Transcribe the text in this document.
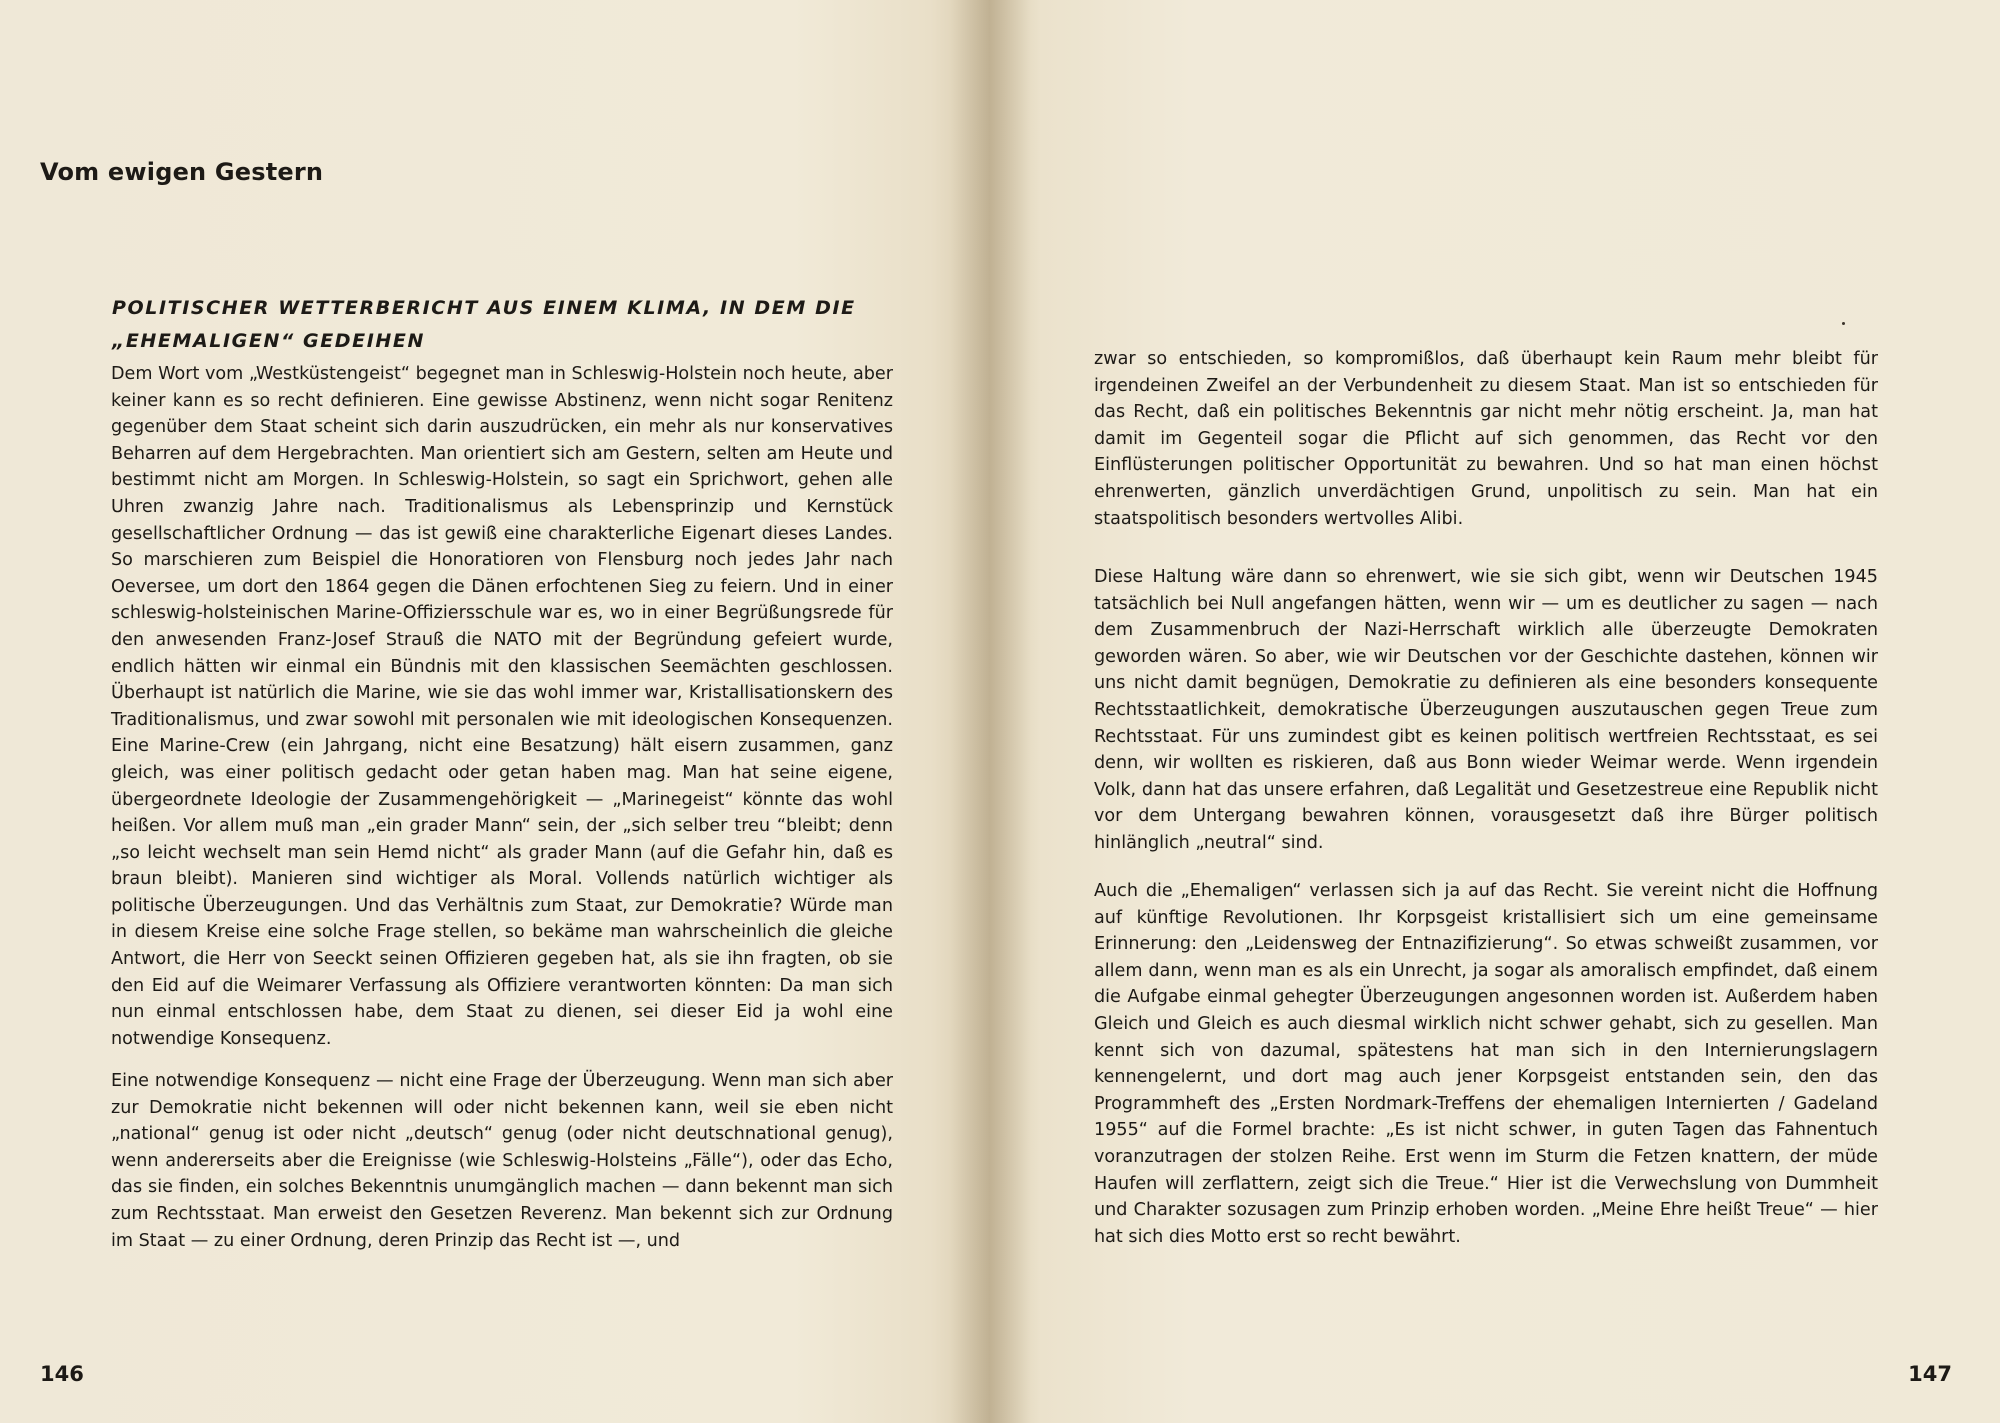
Vom ewigen Gestern
POLITISCHER WETTERBERICHT AUS EINEM KLIMA, IN DEM DIE
„EHEMALIGEN“ GEDEIHEN

Dem Wort vom „Westküstengeist“ begegnet man in Schleswig-Holstein noch heute, aber keiner kann es so recht definieren. Eine gewisse Abstinenz, wenn nicht sogar Renitenz gegenüber dem Staat scheint sich darin auszudrücken, ein mehr als nur konservatives Beharren auf dem Hergebrachten. Man orientiert sich am Gestern, selten am Heute und bestimmt nicht am Morgen. In Schleswig-Holstein, so sagt ein Sprichwort, gehen alle Uhren zwanzig Jahre nach. Traditionalismus als Lebensprinzip und Kernstück gesellschaftlicher Ordnung — das ist gewiß eine charakterliche Eigenart dieses Landes. So marschieren zum Beispiel die Honoratioren von Flensburg noch jedes Jahr nach Oeversee, um dort den 1864 gegen die Dänen erfochtenen Sieg zu feiern. Und in einer schleswig-holsteinischen Marine-Offiziersschule war es, wo in einer Begrüßungsrede für den anwesenden Franz-Josef Strauß die NATO mit der Begründung gefeiert wurde, endlich hätten wir einmal ein Bündnis mit den klassischen Seemächten geschlossen. Überhaupt ist natürlich die Marine, wie sie das wohl immer war, Kristallisationskern des Traditionalismus, und zwar sowohl mit personalen wie mit ideologischen Konsequenzen. Eine Marine-Crew (ein Jahrgang, nicht eine Besatzung) hält eisern zusammen, ganz gleich, was einer politisch gedacht oder getan haben mag. Man hat seine eigene, übergeordnete Ideologie der Zusammengehörigkeit — „Marinegeist“ könnte das wohl heißen. Vor allem muß man „ein grader Mann“ sein, der „sich selber treu “bleibt; denn „so leicht wechselt man sein Hemd nicht“ als grader Mann (auf die Gefahr hin, daß es braun bleibt). Manieren sind wichtiger als Moral. Vollends natürlich wichtiger als politische Überzeugungen. Und das Verhältnis zum Staat, zur Demokratie? Würde man in diesem Kreise eine solche Frage stellen, so bekäme man wahrscheinlich die gleiche Antwort, die Herr von Seeckt seinen Offizieren gegeben hat, als sie ihn fragten, ob sie den Eid auf die Weimarer Verfassung als Offiziere verantworten könnten: Da man sich nun einmal entschlossen habe, dem Staat zu dienen, sei dieser Eid ja wohl eine notwendige Konsequenz.

Eine notwendige Konsequenz — nicht eine Frage der Überzeugung. Wenn man sich aber zur Demokratie nicht bekennen will oder nicht bekennen kann, weil sie eben nicht „national“ genug ist oder nicht „deutsch“ genug (oder nicht deutschnational genug), wenn andererseits aber die Ereignisse (wie Schleswig-Holsteins „Fälle“), oder das Echo, das sie finden, ein solches Bekenntnis unumgänglich machen — dann bekennt man sich zum Rechtsstaat. Man erweist den Gesetzen Reverenz. Man bekennt sich zur Ordnung im Staat — zu einer Ordnung, deren Prinzip das Recht ist —, und

146

zwar so entschieden, so kompromißlos, daß überhaupt kein Raum mehr bleibt für irgendeinen Zweifel an der Verbundenheit zu diesem Staat. Man ist so entschieden für das Recht, daß ein politisches Bekenntnis gar nicht mehr nötig erscheint. Ja, man hat damit im Gegenteil sogar die Pflicht auf sich genommen, das Recht vor den Einflüsterungen politischer Opportunität zu bewahren. Und so hat man einen höchst ehrenwerten, gänzlich unverdächtigen Grund, unpolitisch zu sein. Man hat ein staatspolitisch besonders wertvolles Alibi.

Diese Haltung wäre dann so ehrenwert, wie sie sich gibt, wenn wir Deutschen 1945 tatsächlich bei Null angefangen hätten, wenn wir — um es deutlicher zu sagen — nach dem Zusammenbruch der Nazi-Herrschaft wirklich alle überzeugte Demokraten geworden wären. So aber, wie wir Deutschen vor der Geschichte dastehen, können wir uns nicht damit begnügen, Demokratie zu definieren als eine besonders konsequente Rechtsstaatlichkeit, demokratische Überzeugungen auszutauschen gegen Treue zum Rechtsstaat. Für uns zumindest gibt es keinen politisch wertfreien Rechtsstaat, es sei denn, wir wollten es riskieren, daß aus Bonn wieder Weimar werde. Wenn irgendein Volk, dann hat das unsere erfahren, daß Legalität und Gesetzestreue eine Republik nicht vor dem Untergang bewahren können, vorausgesetzt daß ihre Bürger politisch hinlänglich „neutral“ sind.

Auch die „Ehemaligen“ verlassen sich ja auf das Recht. Sie vereint nicht die Hoffnung auf künftige Revolutionen. Ihr Korpsgeist kristallisiert sich um eine gemeinsame Erinnerung: den „Leidensweg der Entnazifizierung“. So etwas schweißt zusammen, vor allem dann, wenn man es als ein Unrecht, ja sogar als amoralisch empfindet, daß einem die Aufgabe einmal gehegter Überzeugungen angesonnen worden ist. Außerdem haben Gleich und Gleich es auch diesmal wirklich nicht schwer gehabt, sich zu gesellen. Man kennt sich von dazumal, spätestens hat man sich in den Internierungslagern kennengelernt, und dort mag auch jener Korpsgeist entstanden sein, den das Programmheft des „Ersten Nordmark-Treffens der ehemaligen Internierten / Gadeland 1955“ auf die Formel brachte: „Es ist nicht schwer, in guten Tagen das Fahnentuch voranzutragen der stolzen Reihe. Erst wenn im Sturm die Fetzen knattern, der müde Haufen will zerflattern, zeigt sich die Treue.“ Hier ist die Verwechslung von Dummheit und Charakter sozusagen zum Prinzip erhoben worden. „Meine Ehre heißt Treue“ — hier hat sich dies Motto erst so recht bewährt.

147
